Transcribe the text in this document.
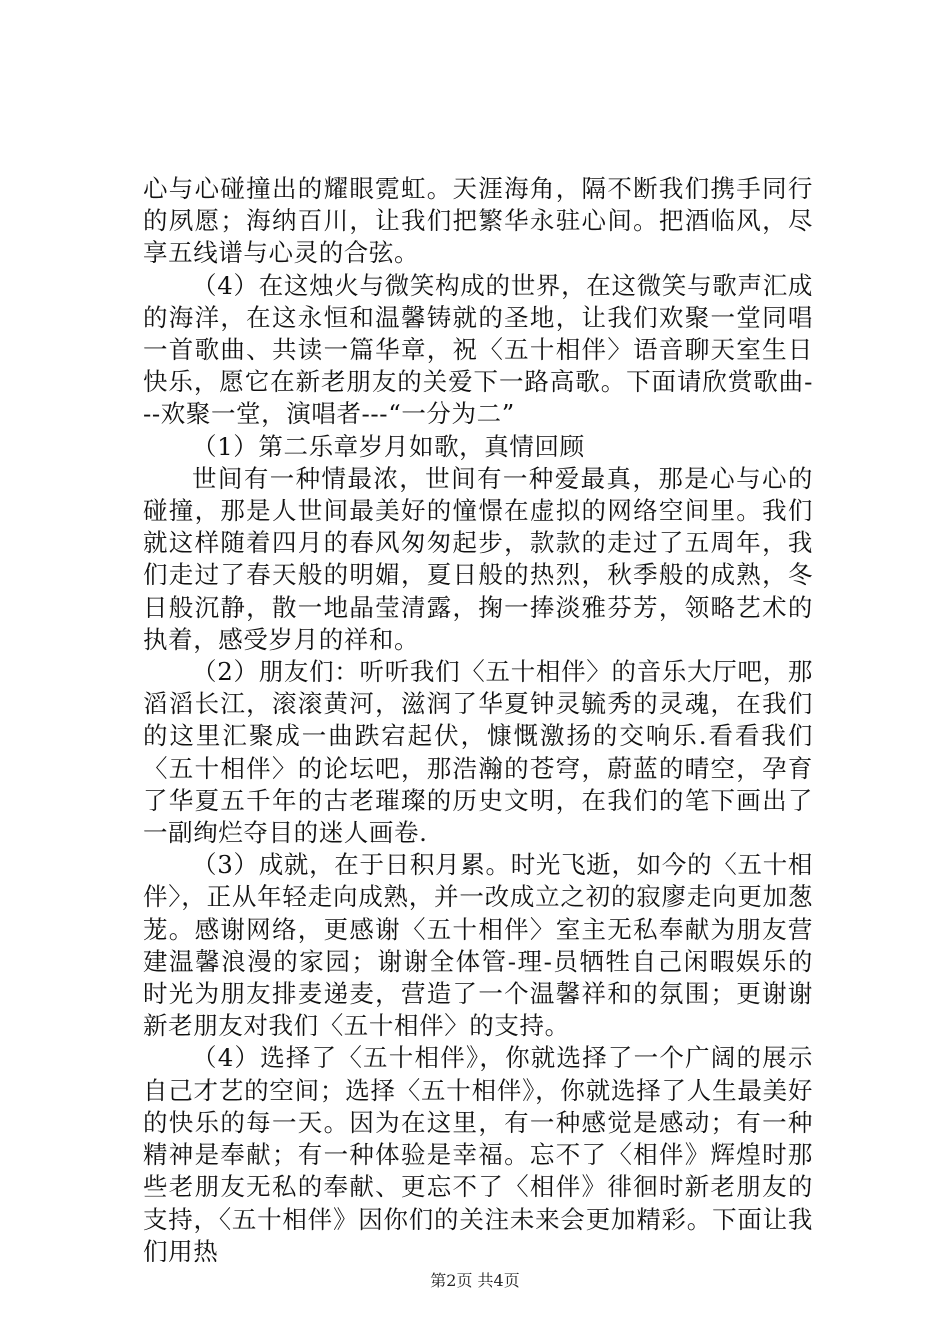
心与心碰撞出的耀眼霓虹。天涯海角，隔不断我们携手同行的夙愿；海纳百川，让我们把繁华永驻心间。把酒临风，尽享五线谱与心灵的合弦。

（4）在这烛火与微笑构成的世界，在这微笑与歌声汇成的海洋，在这永恒和温馨铸就的圣地，让我们欢聚一堂同唱一首歌曲、共读一篇华章，祝〈五十相伴〉语音聊天室生日快乐，愿它在新老朋友的关爱下一路高歌。下面请欣赏歌曲---欢聚一堂，演唱者---“一分为二”

（1）第二乐章岁月如歌，真情回顾

世间有一种情最浓，世间有一种爱最真，那是心与心的碰撞，那是人世间最美好的憧憬在虚拟的网络空间里。我们就这样随着四月的春风匆匆起步，款款的走过了五周年，我们走过了春天般的明媚，夏日般的热烈，秋季般的成熟，冬日般沉静，散一地晶莹清露，掬一捧淡雅芬芳，领略艺术的执着，感受岁月的祥和。

（2）朋友们：听听我们〈五十相伴〉的音乐大厅吧，那滔滔长江，滚滚黄河，滋润了华夏钟灵毓秀的灵魂，在我们的这里汇聚成一曲跌宕起伏，慷慨激扬的交响乐.看看我们〈五十相伴〉的论坛吧，那浩瀚的苍穹，蔚蓝的晴空，孕育了华夏五千年的古老璀璨的历史文明，在我们的笔下画出了一副绚烂夺目的迷人画卷.

（3）成就，在于日积月累。时光飞逝，如今的〈五十相伴〉，正从年轻走向成熟，并一改成立之初的寂廖走向更加葱茏。感谢网络，更感谢〈五十相伴〉室主无私奉献为朋友营建温馨浪漫的家园；谢谢全体管-理-员牺牲自己闲暇娱乐的时光为朋友排麦递麦，营造了一个温馨祥和的氛围；更谢谢新老朋友对我们〈五十相伴〉的支持。

（4）选择了〈五十相伴》，你就选择了一个广阔的展示自己才艺的空间；选择〈五十相伴》，你就选择了人生最美好的快乐的每一天。因为在这里，有一种感觉是感动；有一种精神是奉献；有一种体验是幸福。忘不了〈相伴》辉煌时那些老朋友无私的奉献、更忘不了〈相伴》徘徊时新老朋友的支持，〈五十相伴》因你们的关注未来会更加精彩。下面让我们用热

第2页 共4页
